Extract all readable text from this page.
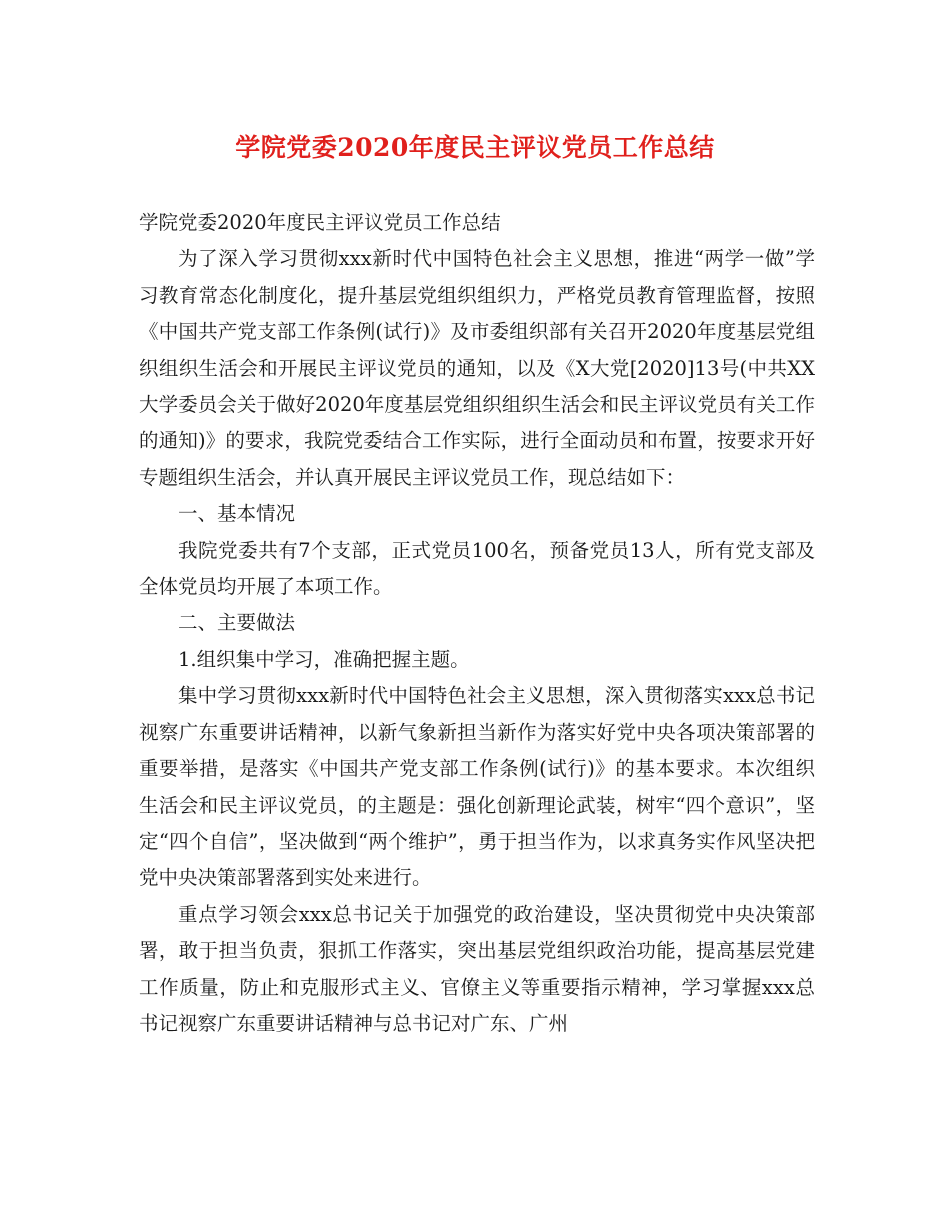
学院党委2020年度民主评议党员工作总结

学院党委2020年度民主评议党员工作总结

为了深入学习贯彻xxx新时代中国特色社会主义思想，推进“两学一做”学习教育常态化制度化，提升基层党组织组织力，严格党员教育管理监督，按照《中国共产党支部工作条例(试行)》及市委组织部有关召开2020年度基层党组织组织生活会和开展民主评议党员的通知，以及《X大党[2020]13号(中共XX大学委员会关于做好2020年度基层党组织组织生活会和民主评议党员有关工作的通知)》的要求，我院党委结合工作实际，进行全面动员和布置，按要求开好专题组织生活会，并认真开展民主评议党员工作，现总结如下：

一、基本情况

我院党委共有7个支部，正式党员100名，预备党员13人，所有党支部及全体党员均开展了本项工作。

二、主要做法

1.组织集中学习，准确把握主题。

集中学习贯彻xxx新时代中国特色社会主义思想，深入贯彻落实xxx总书记视察广东重要讲话精神，以新气象新担当新作为落实好党中央各项决策部署的重要举措，是落实《中国共产党支部工作条例(试行)》的基本要求。本次组织生活会和民主评议党员，的主题是：强化创新理论武装，树牢“四个意识”，坚定“四个自信”，坚决做到“两个维护”，勇于担当作为，以求真务实作风坚决把党中央决策部署落到实处来进行。

重点学习领会xxx总书记关于加强党的政治建设，坚决贯彻党中央决策部署，敢于担当负责，狠抓工作落实，突出基层党组织政治功能，提高基层党建工作质量，防止和克服形式主义、官僚主义等重要指示精神，学习掌握xxx总书记视察广东重要讲话精神与总书记对广东、广州
